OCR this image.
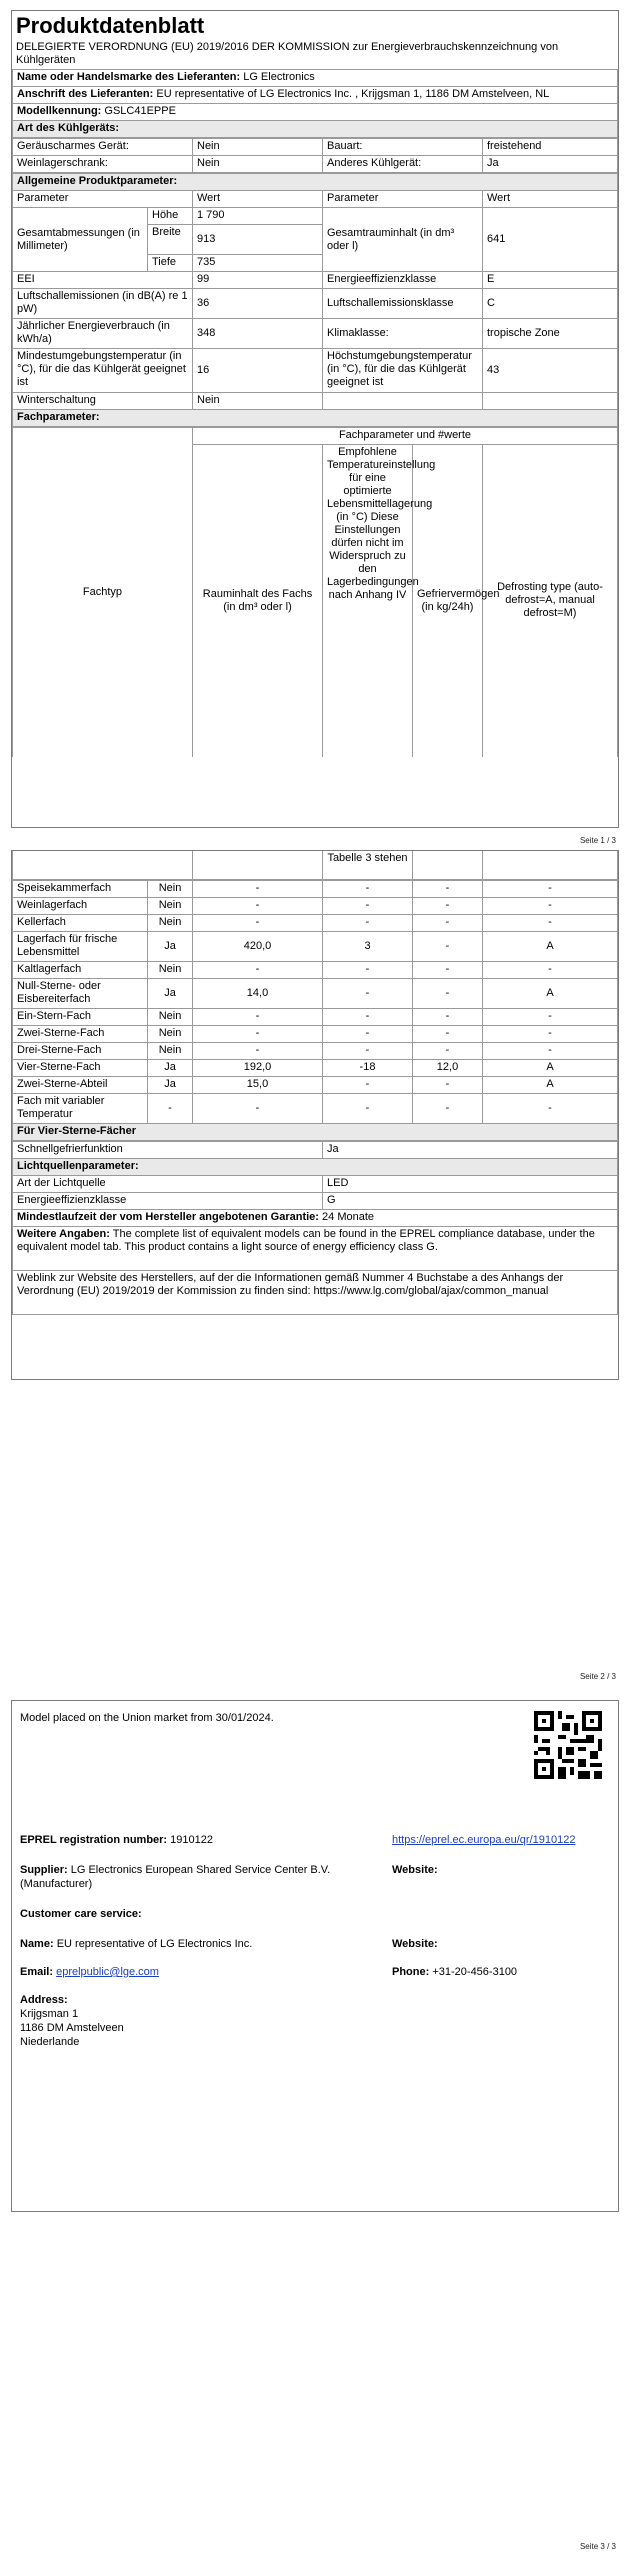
Produktdatenblatt
DELEGIERTE VERORDNUNG (EU) 2019/2016 DER KOMMISSION zur Energieverbrauchskennzeichnung von Kühlgeräten
Name oder Handelsmarke des Lieferanten: LG Electronics
Anschrift des Lieferanten: EU representative of LG Electronics Inc. , Krijgsman 1, 1186 DM Amstelveen, NL
Modellkennung: GSLC41EPPE
Art des Kühlgeräts:
Geräuscharmes Gerät:	Nein	Bauart:	freistehend
Weinlagerschrank:	Nein	Anderes Kühlgerät:	Ja
Allgemeine Produktparameter:				
Parameter		Wert	Parameter	Wert
Gesamtabmessungen (in Millimeter)	Höhe	1 790	Gesamtrauminhalt (in dm³ oder l)	641
	Breite	913		
	Tiefe	735		
EEI		99	Energieeffizienzklasse	E
Luftschallemissionen (in dB(A) re 1 pW)		36	Luftschallemissionsklasse	C
Jährlicher Energieverbrauch (in kWh/a)		348	Klimaklasse:	tropische Zone
Mindestumgebungstemperatur (in °C), für die das Kühlgerät geeignet ist		16	Höchstumgebungstemperatur (in °C), für die das Kühlgerät geeignet ist	43
Winterschaltung		Nein		
Fachparameter:				
Fachtyp	Fachparameter und #werte			
	Rauminhalt des Fachs (in dm³ oder l)	Empfohlene Temperatureinstellung für eine optimierte Lebensmittellagerung (in °C) Diese Einstellungen dürfen nicht im Widerspruch zu den Lagerbedingungen nach Anhang IV	Gefriervermögen (in kg/24h)	Defrosting type (auto-defrost=A, manual defrost=M)
Seite 1 / 3
		Tabelle 3 stehen		
Speisekammerfach	Nein	-	-	-	-
Weinlagerfach	Nein	-	-	-	-
Kellerfach	Nein	-	-	-	-
Lagerfach für frische Lebensmittel	Ja	420,0	3	-	A
Kaltlagerfach	Nein	-	-	-	-
Null-Sterne- oder Eisbereiterfach	Ja	14,0	-	-	A
Ein-Stern-Fach	Nein	-	-	-	-
Zwei-Sterne-Fach	Nein	-	-	-	-
Drei-Sterne-Fach	Nein	-	-	-	-
Vier-Sterne-Fach	Ja	192,0	-18	12,0	A
Zwei-Sterne-Abteil	Ja	15,0	-	-	A
Fach mit variabler Temperatur	-	-	-	-	-
Für Vier-Sterne-Fächer					
Schnellgefrierfunktion	Ja
Lichtquellenparameter:	
Art der Lichtquelle	LED
Energieeffizienzklasse	G
Mindestlaufzeit der vom Hersteller angebotenen Garantie: 24 Monate	
Weitere Angaben: The complete list of equivalent models can be found in the EPREL compliance database, under the equivalent model tab. This product contains a light source of energy efficiency class G.	
Weblink zur Website des Herstellers, auf der die Informationen gemäß Nummer 4 Buchstabe a des Anhangs der Verordnung (EU) 2019/2019 der Kommission zu finden sind: https://www.lg.com/global/ajax/common_manual	
Seite 2 / 3
Model placed on the Union market from 30/01/2024.
EPREL registration number: 1910122	https://eprel.ec.europa.eu/qr/1910122
Supplier: LG Electronics European Shared Service Center B.V. (Manufacturer)
Website:
Customer care service:
Name: EU representative of LG Electronics Inc.	Website:
Email: eprelpublic@lge.com	Phone: +31-20-456-3100
Address:
Krijgsman 1
1186 DM Amstelveen
Niederlande
Seite 3 / 3
